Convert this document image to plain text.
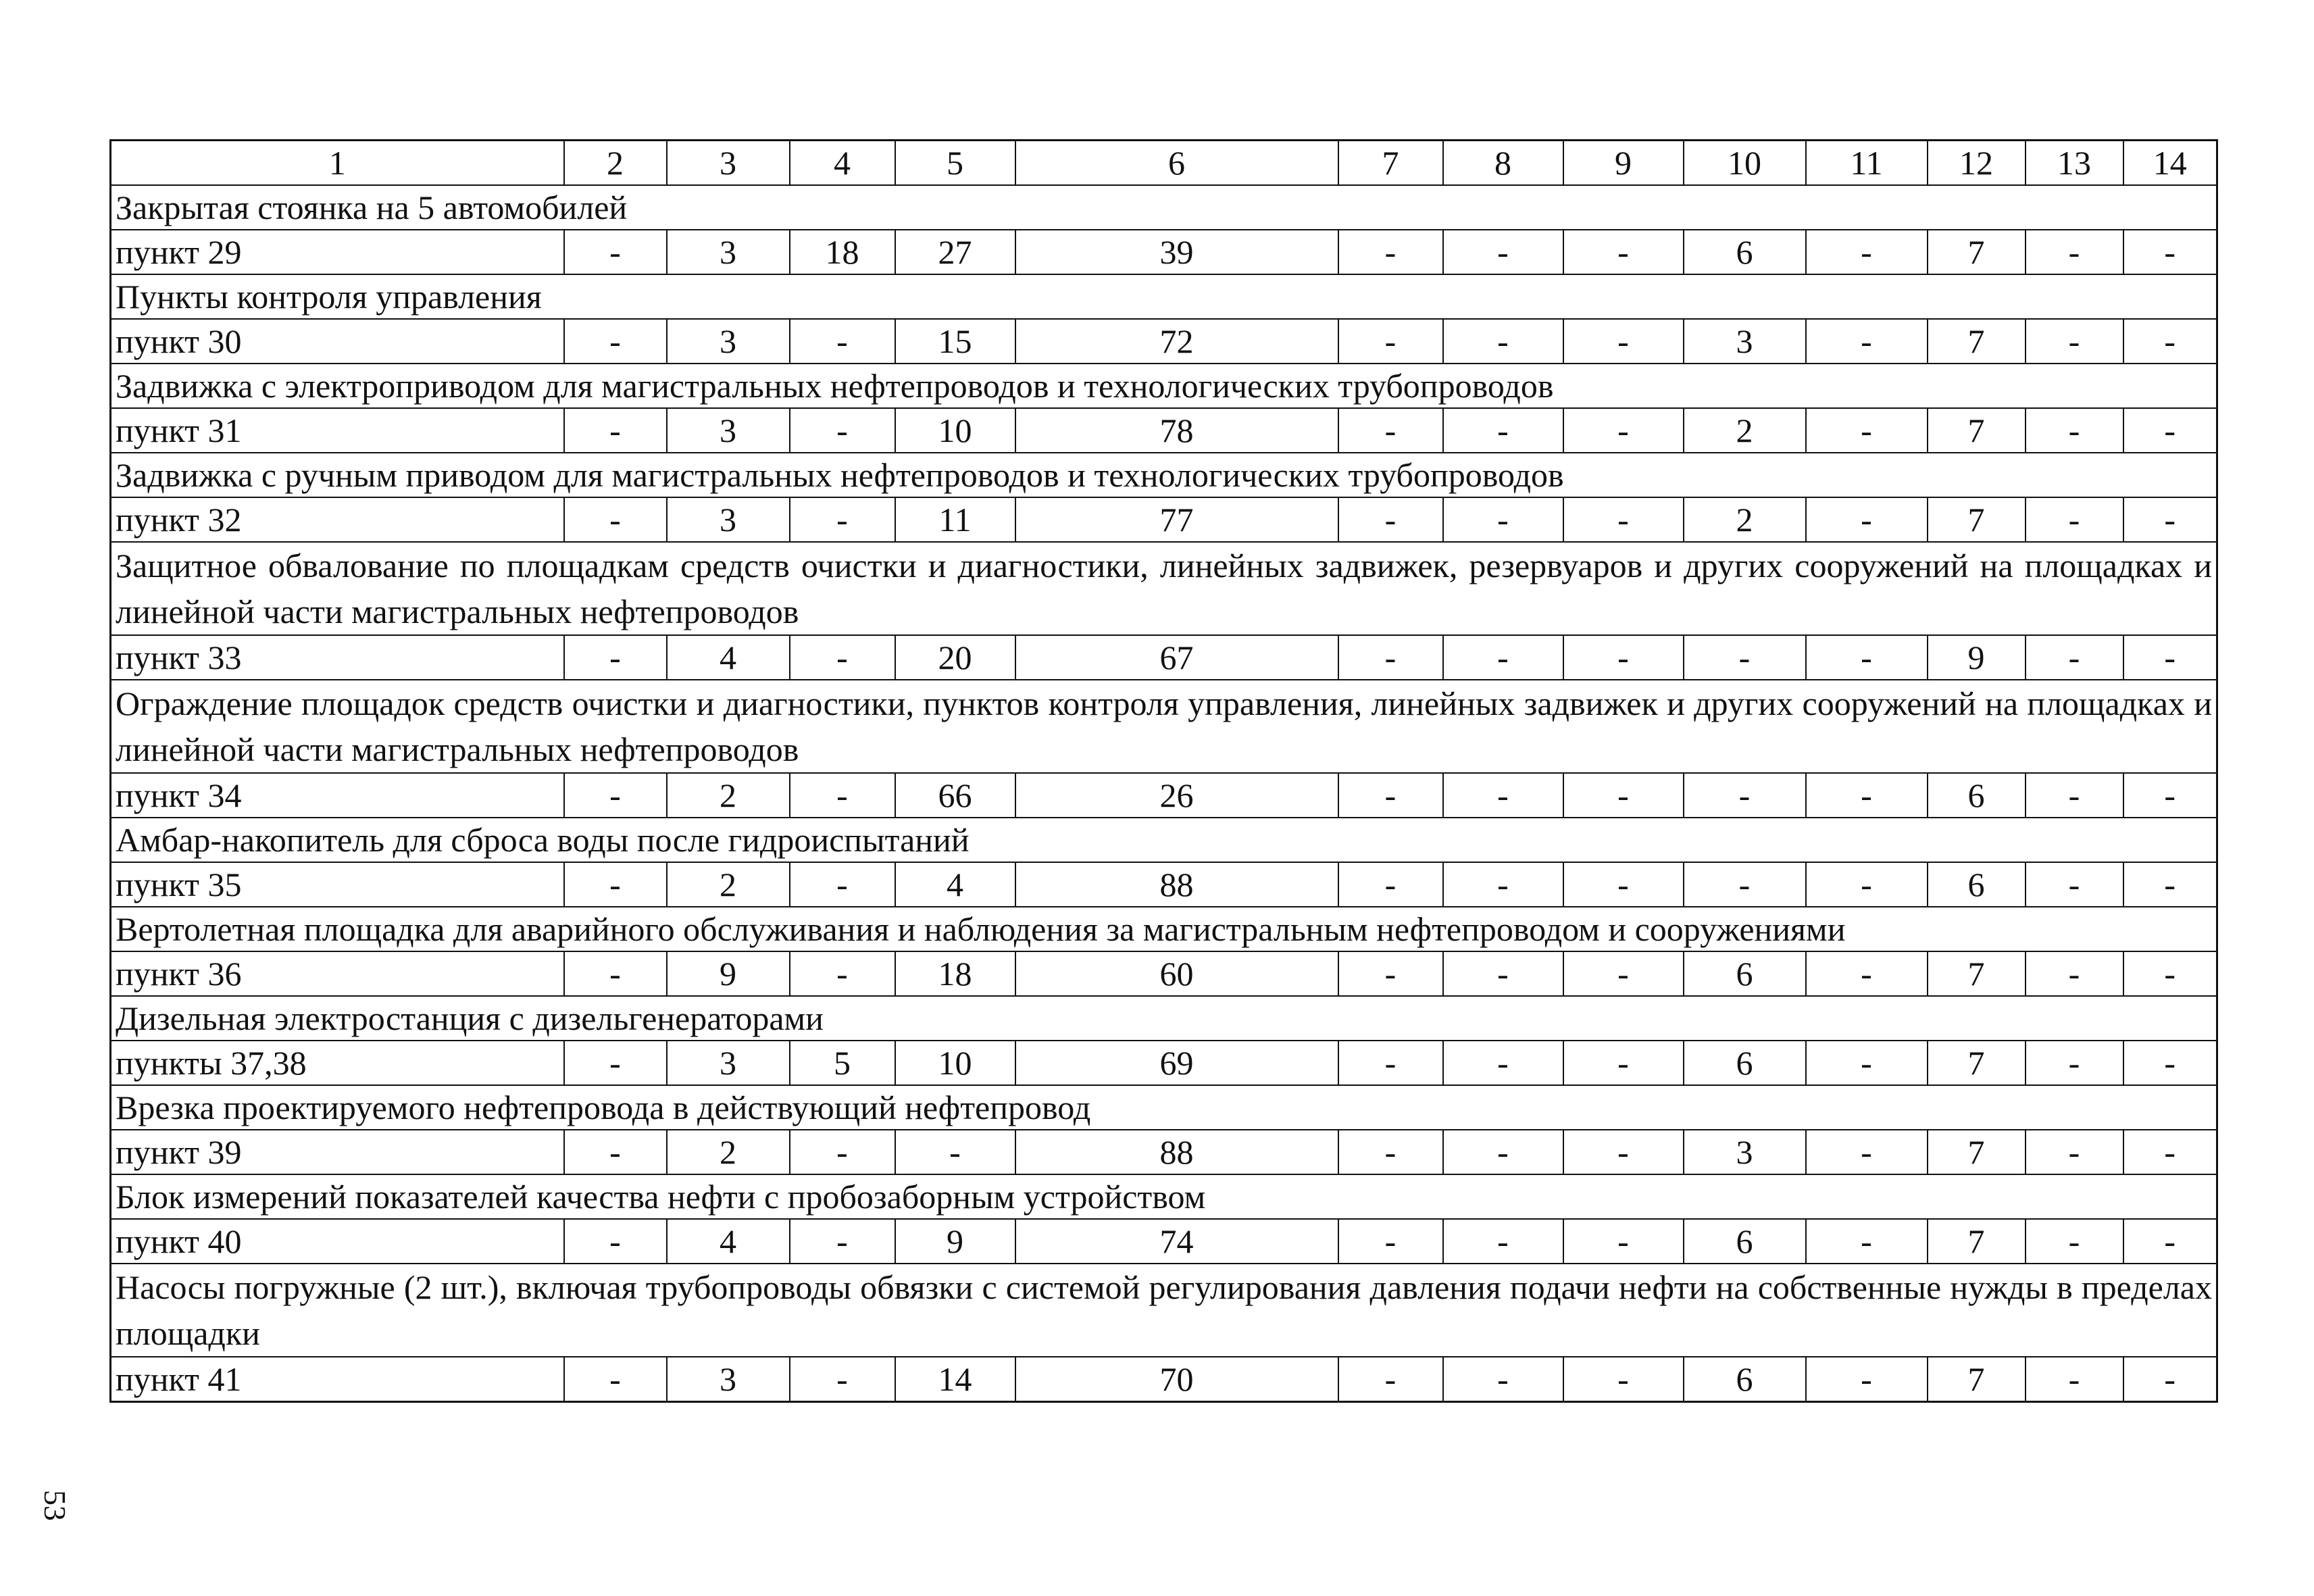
1	2	3	4	5	6	7	8	9	10	11	12	13	14
Закрытая стоянка на 5 автомобилей													
пункт 29	-	3	18	27	39	-	-	-	6	-	7	-	-
Пункты контроля управления													
пункт 30	-	3	-	15	72	-	-	-	3	-	7	-	-
Задвижка с электроприводом для магистральных нефтепроводов и технологических трубопроводов													
пункт 31	-	3	-	10	78	-	-	-	2	-	7	-	-
Задвижка с ручным приводом для магистральных нефтепроводов и технологических трубопроводов													
пункт 32	-	3	-	11	77	-	-	-	2	-	7	-	-
Защитное обвалование по площадкам средств очистки и диагностики, линейных задвижек, резервуаров и других сооружений на площадках и линейной части магистральных нефтепроводов													
пункт 33	-	4	-	20	67	-	-	-	-	-	9	-	-
Ограждение площадок средств очистки и диагностики, пунктов контроля управления, линейных задвижек и других сооружений на площадках и линейной части магистральных нефтепроводов													
пункт 34	-	2	-	66	26	-	-	-	-	-	6	-	-
Амбар-накопитель для сброса воды после гидроиспытаний													
пункт 35	-	2	-	4	88	-	-	-	-	-	6	-	-
Вертолетная площадка для аварийного обслуживания и наблюдения за магистральным нефтепроводом и сооружениями													
пункт 36	-	9	-	18	60	-	-	-	6	-	7	-	-
Дизельная электростанция с дизельгенераторами													
пункты 37,38	-	3	5	10	69	-	-	-	6	-	7	-	-
Врезка проектируемого нефтепровода в действующий нефтепровод													
пункт 39	-	2	-	-	88	-	-	-	3	-	7	-	-
Блок измерений показателей качества нефти с пробозаборным устройством													
пункт 40	-	4	-	9	74	-	-	-	6	-	7	-	-
Насосы погружные (2 шт.), включая трубопроводы обвязки с системой регулирования давления подачи нефти на собственные нужды в пределах площадки													
пункт 41	-	3	-	14	70	-	-	-	6	-	7	-	-
53
